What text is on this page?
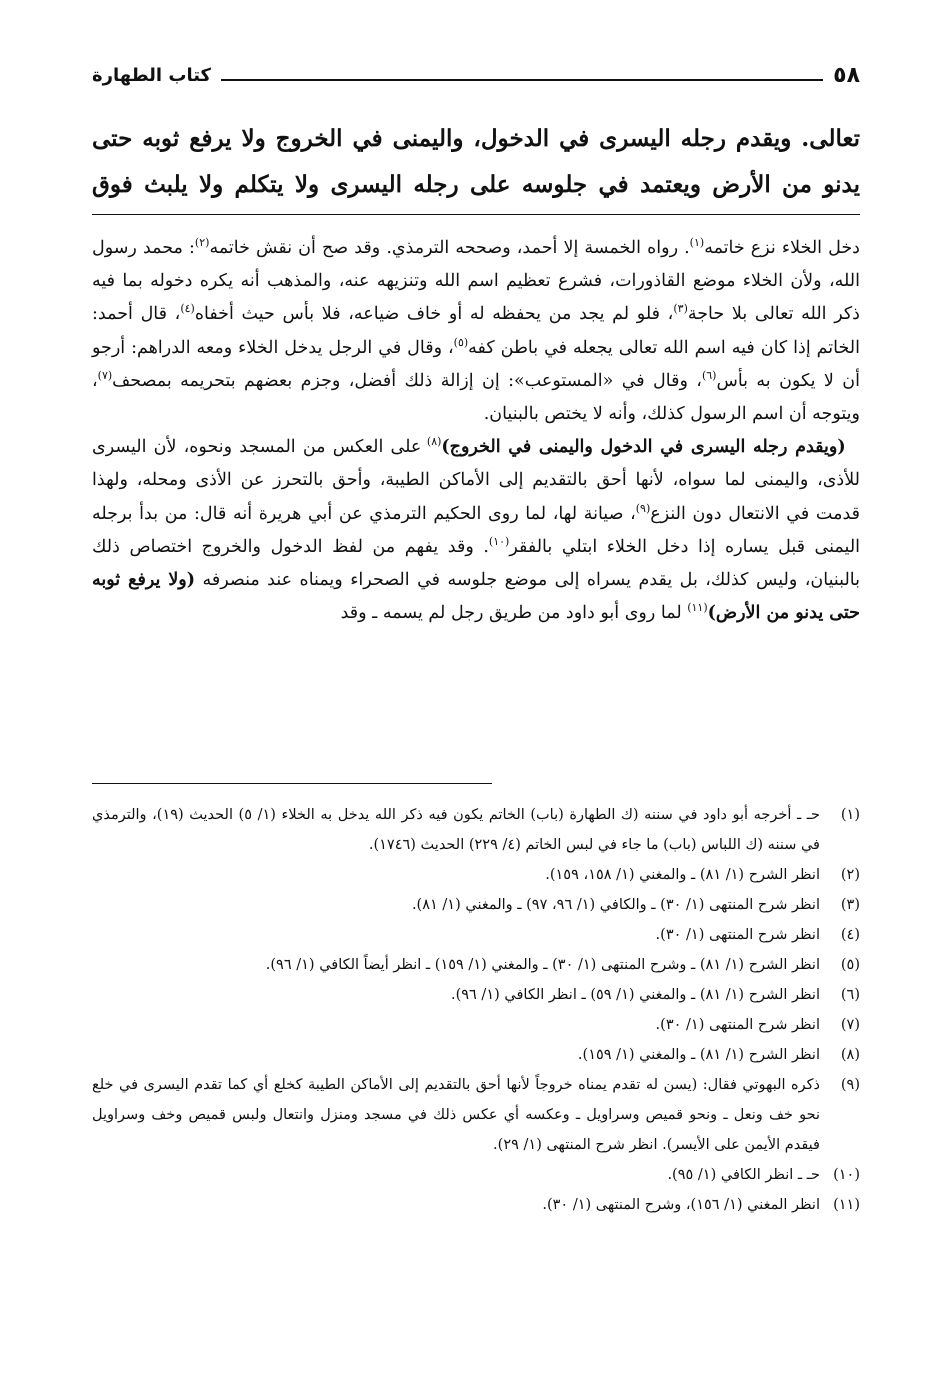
٥٨
كتاب الطهارة
تعالى. ويقدم رجله اليسرى في الدخول، واليمنى في الخروج ولا يرفع ثوبه حتى يدنو من الأرض ويعتمد في جلوسه على رجله اليسرى ولا يتكلم ولا يلبث فوق

دخل الخلاء نزع خاتمه$^{(١)}$. رواه الخمسة إلا أحمد، وصححه الترمذي. وقد صح أن نقش خاتمه$^{(٢)}$: محمد رسول الله، ولأن الخلاء موضع القاذورات، فشرع تعظيم اسم الله وتنزيهه عنه، والمذهب أنه يكره دخوله بما فيه ذكر الله تعالى بلا حاجة$^{(٣)}$، فلو لم يجد من يحفظه له أو خاف ضياعه، فلا بأس حيث أخفاه$^{(٤)}$، قال أحمد: الخاتم إذا كان فيه اسم الله تعالى يجعله في باطن كفه$^{(٥)}$، وقال في الرجل يدخل الخلاء ومعه الدراهم: أرجو أن لا يكون به بأس$^{(٦)}$، وقال في «المستوعب»: إن إزالة ذلك أفضل، وجزم بعضهم بتحريمه بمصحف$^{(٧)}$، ويتوجه أن اسم الرسول كذلك، وأنه لا يختص بالبنيان.

(ويقدم رجله اليسرى في الدخول واليمنى في الخروج)$^{(٨)}$ على العكس من المسجد ونحوه، لأن اليسرى للأذى، واليمنى لما سواه، لأنها أحق بالتقديم إلى الأماكن الطيبة، وأحق بالتحرز عن الأذى ومحله، ولهذا قدمت في الانتعال دون النزع$^{(٩)}$، صيانة لها، لما روى الحكيم الترمذي عن أبي هريرة أنه قال: من بدأ برجله اليمنى قبل يساره إذا دخل الخلاء ابتلي بالفقر$^{(١٠)}$. وقد يفهم من لفظ الدخول والخروج اختصاص ذلك بالبنيان، وليس كذلك، بل يقدم يسراه إلى موضع جلوسه في الصحراء ويمناه عند منصرفه (ولا يرفع ثوبه حتى يدنو من الأرض)$^{(١١)}$ لما روى أبو داود من طريق رجل لم يسمه ـ وقد

(١)
حـ ـ أخرجه أبو داود في سننه (ك الطهارة (باب) الخاتم يكون فيه ذكر الله يدخل به الخلاء (١/ ٥) الحديث (١٩)، والترمذي في سننه (ك اللباس (باب) ما جاء في لبس الخاتم (٤/ ٢٢٩) الحديث (١٧٤٦).
(٢)
انظر الشرح (١/ ٨١) ـ والمغني (١/ ١٥٨، ١٥٩).
(٣)
انظر شرح المنتهى (١/ ٣٠) ـ والكافي (١/ ٩٦، ٩٧) ـ والمغني (١/ ٨١).
(٤)
انظر شرح المنتهى (١/ ٣٠).
(٥)
انظر الشرح (١/ ٨١) ـ وشرح المنتهى (١/ ٣٠) ـ والمغني (١/ ١٥٩) ـ انظر أيضاً الكافي (١/ ٩٦).
(٦)
انظر الشرح (١/ ٨١) ـ والمغني (١/ ٥٩) ـ انظر الكافي (١/ ٩٦).
(٧)
انظر شرح المنتهى (١/ ٣٠).
(٨)
انظر الشرح (١/ ٨١) ـ والمغني (١/ ١٥٩).
(٩)
ذكره البهوتي فقال: (يسن له تقدم يمناه خروجاً لأنها أحق بالتقديم إلى الأماكن الطيبة كخلع أي كما تقدم اليسرى في خلع نحو خف ونعل ـ ونحو قميص وسراويل ـ وعكسه أي عكس ذلك في مسجد ومنزل وانتعال ولبس قميص وخف وسراويل فيقدم الأيمن على الأيسر). انظر شرح المنتهى (١/ ٢٩).
(١٠)
حـ ـ انظر الكافي (١/ ٩٥).
(١١)
انظر المغني (١/ ١٥٦)، وشرح المنتهى (١/ ٣٠).
